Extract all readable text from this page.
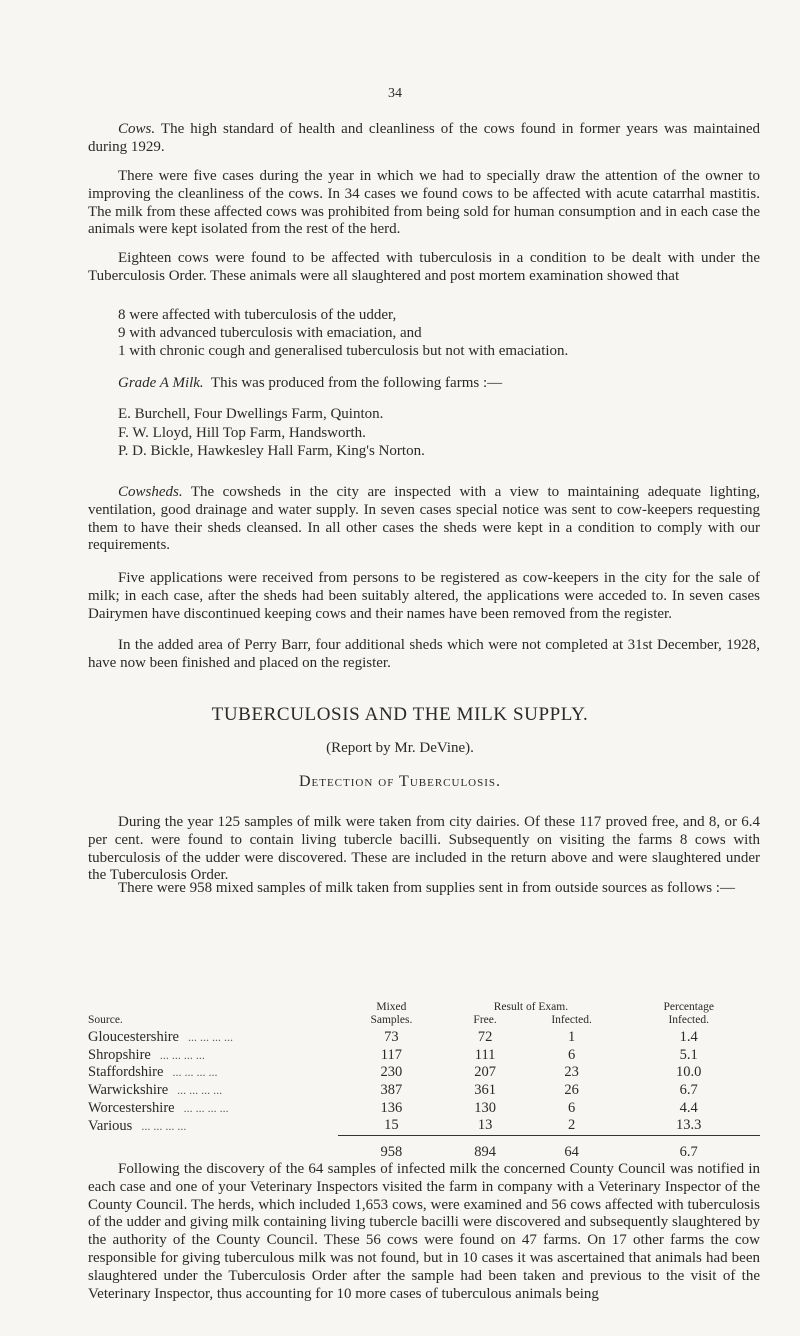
34

Cows. The high standard of health and cleanliness of the cows found in former years was maintained during 1929.

There were five cases during the year in which we had to specially draw the attention of the owner to improving the cleanliness of the cows. In 34 cases we found cows to be affected with acute catarrhal mastitis. The milk from these affected cows was prohibited from being sold for human consumption and in each case the animals were kept isolated from the rest of the herd.

Eighteen cows were found to be affected with tuberculosis in a condition to be dealt with under the Tuberculosis Order. These animals were all slaughtered and post mortem examination showed that

8 were affected with tuberculosis of the udder,
9 with advanced tuberculosis with emaciation, and
1 with chronic cough and generalised tuberculosis but not with emaciation.
Grade A Milk. This was produced from the following farms :—
E. Burchell, Four Dwellings Farm, Quinton.
F. W. Lloyd, Hill Top Farm, Handsworth.
P. D. Bickle, Hawkesley Hall Farm, King's Norton.

Cowsheds. The cowsheds in the city are inspected with a view to maintaining adequate lighting, ventilation, good drainage and water supply. In seven cases special notice was sent to cow-keepers requesting them to have their sheds cleansed. In all other cases the sheds were kept in a condition to comply with our requirements.

Five applications were received from persons to be registered as cow-keepers in the city for the sale of milk; in each case, after the sheds had been suitably altered, the applications were acceded to. In seven cases Dairymen have discontinued keeping cows and their names have been removed from the register.

In the added area of Perry Barr, four additional sheds which were not completed at 31st December, 1928, have now been finished and placed on the register.

TUBERCULOSIS AND THE MILK SUPPLY.
(Report by Mr. DeVine).
Detection of Tuberculosis.

During the year 125 samples of milk were taken from city dairies. Of these 117 proved free, and 8, or 6.4 per cent. were found to contain living tubercle bacilli. Subsequently on visiting the farms 8 cows with tuberculosis of the udder were discovered. These are included in the return above and were slaughtered under the Tuberculosis Order.

There were 958 mixed samples of milk taken from supplies sent in from outside sources as follows :—

	Mixed	Result of Exam.		Percentage
Source.	Samples.	Free.	Infected.	Infected.
Gloucestershire ... ... ... ...	73	72	1	1.4
Shropshire ... ... ... ...	117	111	6	5.1
Staffordshire ... ... ... ...	230	207	23	10.0
Warwickshire ... ... ... ...	387	361	26	6.7
Worcestershire ... ... ... ...	136	130	6	4.4
Various ... ... ... ...	15	13	2	13.3
	958	894	64	6.7

Following the discovery of the 64 samples of infected milk the concerned County Council was notified in each case and one of your Veterinary Inspectors visited the farm in company with a Veterinary Inspector of the County Council. The herds, which included 1,653 cows, were examined and 56 cows affected with tuberculosis of the udder and giving milk containing living tubercle bacilli were discovered and subsequently slaughtered by the authority of the County Council. These 56 cows were found on 47 farms. On 17 other farms the cow responsible for giving tuberculous milk was not found, but in 10 cases it was ascertained that animals had been slaughtered under the Tuberculosis Order after the sample had been taken and previous to the visit of the Veterinary Inspector, thus accounting for 10 more cases of tuberculous animals being
